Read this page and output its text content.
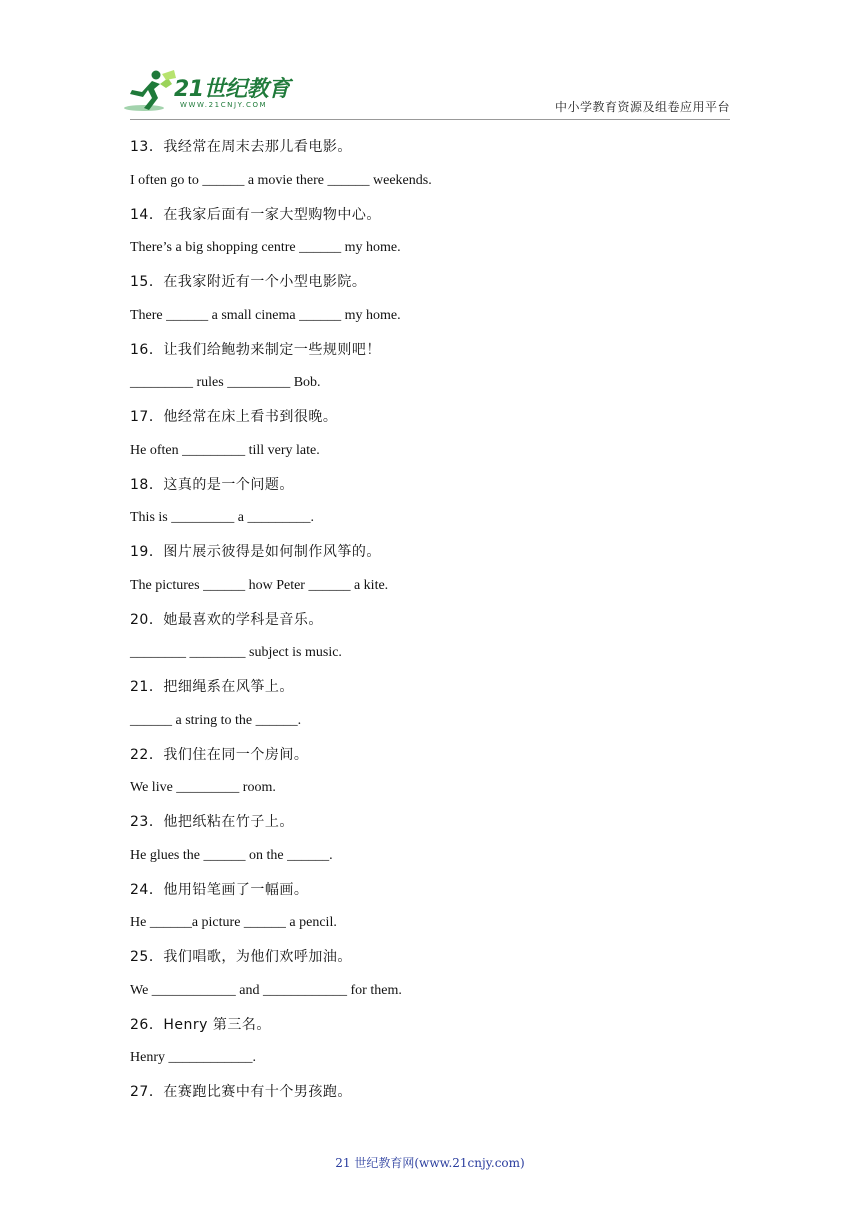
21世纪教育
WWW.21CNJY.COM	中小学教育资源及组卷应用平台
13．我经常在周末去那儿看电影。
I often go to ______ a movie there ______ weekends.
14．在我家后面有一家大型购物中心。
There’s a big shopping centre ______ my home.
15．在我家附近有一个小型电影院。
There ______ a small cinema ______ my home.
16．让我们给鲍勃来制定一些规则吧！
_________ rules _________ Bob.
17．他经常在床上看书到很晚。
He often _________ till very late.
18．这真的是一个问题。
This is _________ a _________.
19．图片展示彼得是如何制作风筝的。
The pictures ______ how Peter ______ a kite.
20．她最喜欢的学科是音乐。
________ ________ subject is music.
21．把细绳系在风筝上。
______ a string to the ______.
22．我们住在同一个房间。
We live _________ room.
23．他把纸粘在竹子上。
He glues the ______ on the ______.
24．他用铅笔画了一幅画。
He ______a picture ______ a pencil.
25．我们唱歌，为他们欢呼加油。
We ____________ and ____________ for them.
26．Henry 第三名。
Henry ____________.
27．在赛跑比赛中有十个男孩跑。
21 世纪教育网(www.21cnjy.com)
